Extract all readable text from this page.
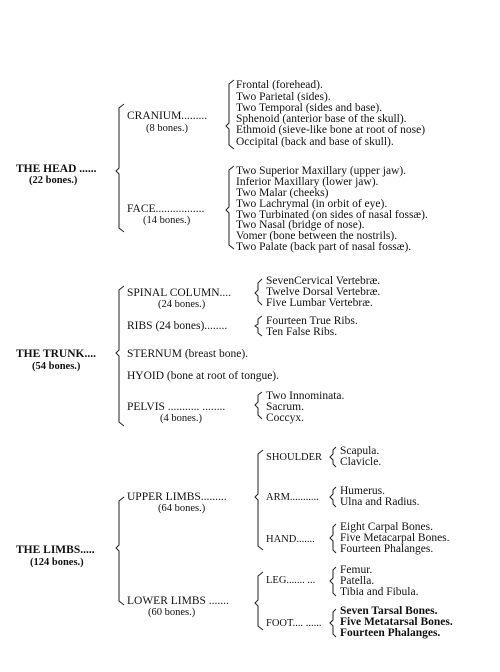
THE HEAD ......
(22 bones.)
CRANIUM.........
(8 bones.)
Frontal (forehead).
Two Parietal (sides).
Two Temporal (sides and base).
Sphenoid (anterior base of the skull).
Ethmoid (sieve-like bone at root of nose)
Occipital (back and base of skull).
FACE.................
(14 bones.)
Two Superior Maxillary (upper jaw).
Inferior Maxillary (lower jaw).
Two Malar (cheeks)
Two Lachrymal (in orbit of eye).
Two Turbinated (on sides of nasal fossæ).
Two Nasal (bridge of nose).
Vomer (bone between the nostrils).
Two Palate (back part of nasal fossæ).
THE TRUNK....
(54 bones.)
SPINAL COLUMN....
(24 bones.)
SevenCervical Vertebræ.
Twelve Dorsal Vertebræ.
Five Lumbar Vertebræ.
RIBS (24 bones)........	Fourteen True Ribs.
Ten False Ribs.
STERNUM (breast bone).
HYOID (bone at root of tongue).
PELVIS ........... ........
(4 bones.)
Two Innominata.
Sacrum.
Coccyx.
THE LIMBS.....
(124 bones.)
UPPER LIMBS.........
(64 bones.)
SHOULDER
Scapula.
Clavicle.
ARM...........
Humerus.
Ulna and Radius.
HAND.......
Eight Carpal Bones.
Five Metacarpal Bones.
Fourteen Phalanges.
LOWER LIMBS .......
(60 bones.)
LEG....... ...
Femur.
Patella.
Tibia and Fibula.
FOOT.... ......
Seven Tarsal Bones.
Five Metatarsal Bones.
Fourteen Phalanges.
